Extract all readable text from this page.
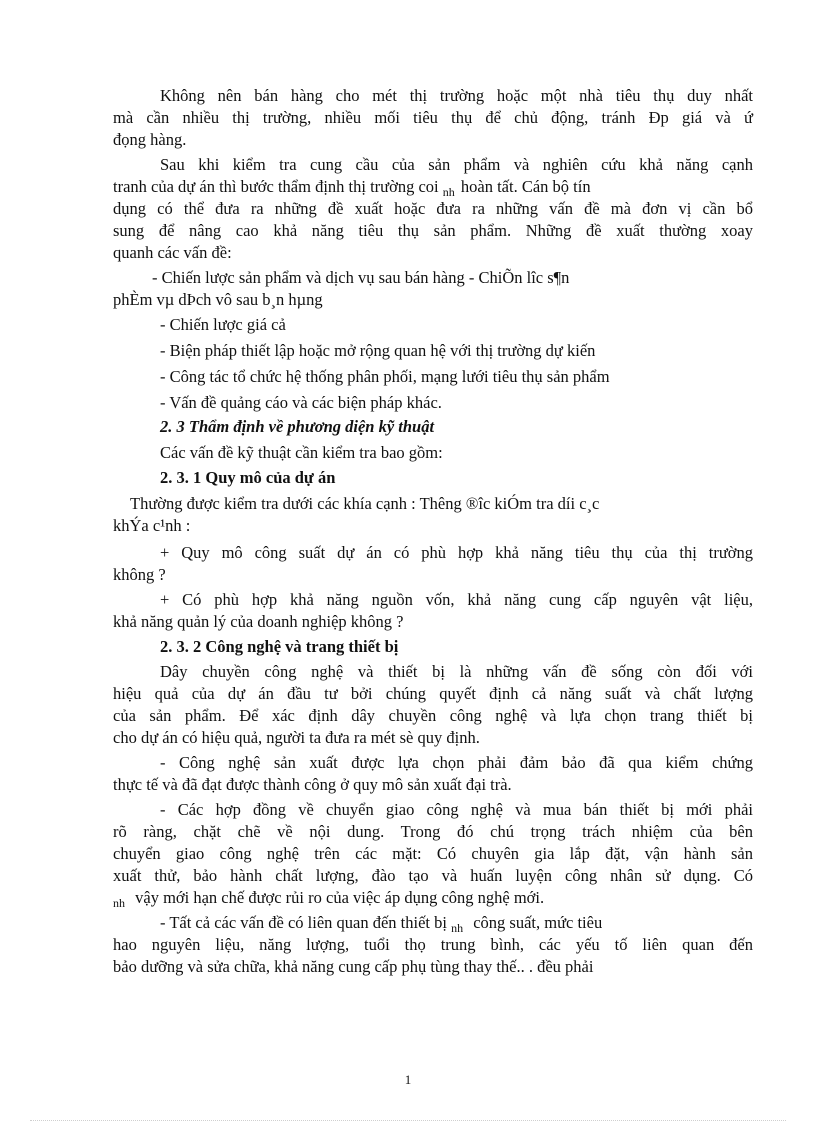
Không nên bán hàng cho mét thị trường hoặc một nhà tiêu thụ duy nhất
mà cần nhiều thị trường, nhiều mối tiêu thụ để chủ động, tránh Đp giá và ứ
đọng hàng.
Sau khi kiểm tra cung cầu của sản phẩm và nghiên cứu khả năng cạnh
tranh của dự án thì bước thẩm định thị trường coi $_{nh}$ hoàn tất. Cán bộ tín
dụng có thể đưa ra những đề xuất hoặc đưa ra những vấn đề mà đơn vị cần bổ
sung để nâng cao khả năng tiêu thụ sản phẩm. Những đề xuất thường xoay
quanh các vấn đề:
- Chiến lược sản phẩm và dịch vụ sau bán hàng - ChiÕn lîc s¶n
phÈm vµ dÞch vô sau b¸n hµng
- Chiến lược giá cả
- Biện pháp thiết lập hoặc mở rộng quan hệ với thị trường dự kiến
- Công tác tổ chức hệ thống phân phối, mạng lưới tiêu thụ sản phẩm
- Vấn đề quảng cáo và các biện pháp khác.
2. 3 Thẩm định về phương diện kỹ thuật
Các vấn đề kỹ thuật cần kiểm tra bao gồm:
2. 3. 1 Quy mô của dự án
Thường được kiểm tra dưới các khía cạnh : Thêng ®îc kiÓm tra díi c¸c
khÝa c¹nh :
+ Quy mô công suất dự án có phù hợp khả năng tiêu thụ của thị trường
không ?
+ Có phù hợp khả năng nguồn vốn, khả năng cung cấp nguyên vật liệu,
khả năng quản lý của doanh nghiệp không ?
2. 3. 2 Công nghệ và trang thiết bị
Dây chuyền công nghệ và thiết bị là những vấn đề sống còn đối với
hiệu quả của dự án đầu tư bởi chúng quyết định cả năng suất và chất lượng
của sản phẩm. Để xác định dây chuyền công nghệ và lựa chọn trang thiết bị
cho dự án có hiệu quả, người ta đưa ra mét sè quy định.
- Công nghệ sản xuất được lựa chọn phải đảm bảo đã qua kiểm chứng
thực tế và đã đạt được thành công ở quy mô sản xuất đại trà.
- Các hợp đồng về chuyển giao công nghệ và mua bán thiết bị mới phải
rõ ràng, chặt chẽ về nội dung. Trong đó chú trọng trách nhiệm của bên
chuyển giao công nghệ trên các mặt: Có chuyên gia lắp đặt, vận hành sản
xuất thử, bảo hành chất lượng, đào tạo và huấn luyện công nhân sử dụng. Có
$_{nh}$ vậy mới hạn chế được rủi ro của việc áp dụng công nghệ mới.
- Tất cả các vấn đề có liên quan đến thiết bị $_{nh}$ công suất, mức tiêu
hao nguyên liệu, năng lượng, tuổi thọ trung bình, các yếu tố liên quan đến
bảo dưỡng và sửa chữa, khả năng cung cấp phụ tùng thay thế.. . đều phải
1
